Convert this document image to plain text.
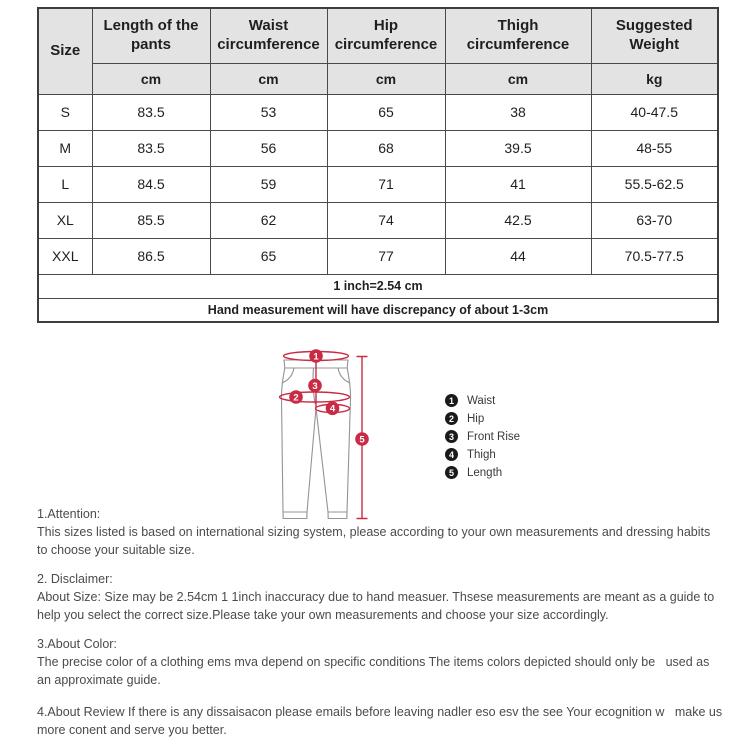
Size	Length of the pants	Waist circumference	Hip circumference	Thigh circumference	Suggested Weight
	cm	cm	cm	cm	kg
S	83.5	53	65	38	40-47.5
M	83.5	56	68	39.5	48-55
L	84.5	59	71	41	55.5-62.5
XL	85.5	62	74	42.5	63-70
XXL	86.5	65	77	44	70.5-77.5
1 inch=2.54 cm					
Hand measurement will have discrepancy of about 1-3cm					
1
2
3
4
5
1	Waist
2	Hip
3	Front Rise
4	Thigh
5	Length
1.Attention:
This sizes listed is based on international sizing system, please according to your own measurements and dressing habits to choose your suitable size.
2. Disclaimer:
About Size: Size may be 2.54cm 1 1inch inaccuracy due to hand measuer. Thsese measurements are meant as a guide to help you select the correct size.Please take your own measurements and choose your size accordingly.
3.About Color:
The precise color of a clothing ems mva depend on specific conditions The items colors depicted should only be   used as an approximate guide.
4.About Review If there is any dissaisacon please emails before leaving nadler eso esv the see Your ecognition w   make us more conent and serve you better.
